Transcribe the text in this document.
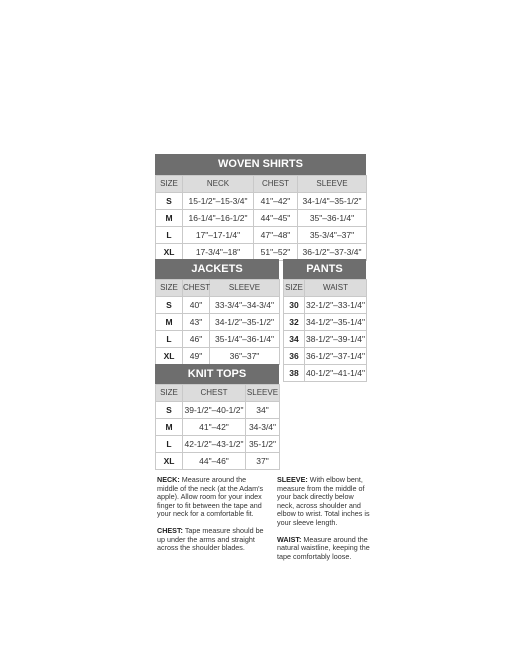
WOVEN SHIRTS
SIZE	NECK	CHEST	SLEEVE
S	15-1/2"–15-3/4"	41"–42"	34-1/4"–35-1/2"
M	16-1/4"–16-1/2"	44"–45"	35"–36-1/4"
L	17"–17-1/4"	47"–48"	35-3/4"–37"
XL	17-3/4"–18"	51"–52"	36-1/2"–37-3/4"
JACKETS
SIZE	CHEST	SLEEVE
S	40"	33-3/4"–34-3/4"
M	43"	34-1/2"–35-1/2"
L	46"	35-1/4"–36-1/4"
XL	49"	36"–37"
PANTS
SIZE	WAIST
30	32-1/2"–33-1/4"
32	34-1/2"–35-1/4"
34	38-1/2"–39-1/4"
36	36-1/2"–37-1/4"
38	40-1/2"–41-1/4"
KNIT TOPS
SIZE	CHEST	SLEEVE
S	39-1/2"–40-1/2"	34"
M	41"–42"	34-3/4"
L	42-1/2"–43-1/2"	35-1/2"
XL	44"–46"	37"

NECK: Measure around the middle of the neck (at the Adam's apple). Allow room for your index finger to fit between the tape and your neck for a comfortable fit.

CHEST: Tape measure should be up under the arms and straight across the shoulder blades.

SLEEVE: With elbow bent, measure from the middle of your back directly below neck, across shoulder and elbow to wrist. Total inches is your sleeve length.

WAIST: Measure around the natural waistline, keeping the tape comfortably loose.
